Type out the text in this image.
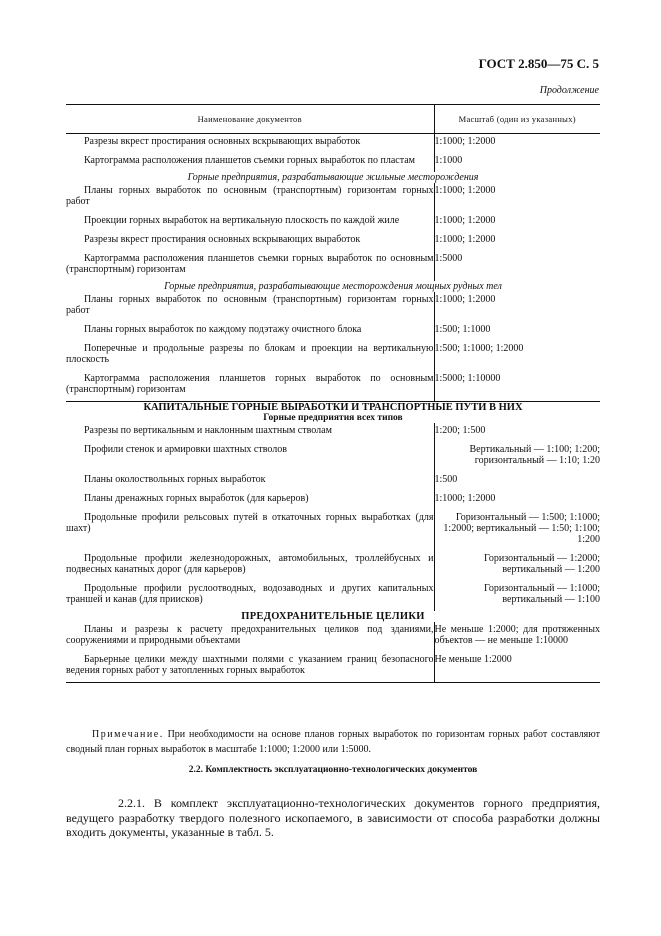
ГОСТ 2.850—75 С. 5
Продолжение
Наименование документов	Масштаб (один из указанных)
Разрезы вкрест простирания основных вскрывающих выработок	1:1000; 1:2000
Картограмма расположения планшетов съемки горных выработок по пластам	1:1000
Горные предприятия, разрабатывающие жильные месторождения	
Планы горных выработок по основным (транспортным) горизонтам горных работ	1:1000; 1:2000
Проекции горных выработок на вертикальную плоскость по каждой жиле	1:1000; 1:2000
Разрезы вкрест простирания основных вскрывающих выработок	1:1000; 1:2000
Картограмма расположения планшетов съемки горных выработок по основным (транспортным) горизонтам	1:5000
Горные предприятия, разрабатывающие месторождения мощных рудных тел	
Планы горных выработок по основным (транспортным) горизонтам горных работ	1:1000; 1:2000
Планы горных выработок по каждому подэтажу очистного блока	1:500; 1:1000
Поперечные и продольные разрезы по блокам и проекции на вертикальную плоскость	1:500; 1:1000; 1:2000
Картограмма расположения планшетов горных выработок по основным (транспортным) горизонтам	1:5000; 1:10000
КАПИТАЛЬНЫЕ ГОРНЫЕ ВЫРАБОТКИ И ТРАНСПОРТНЫЕ ПУТИ В НИХ	
Горные предприятия всех типов	
Разрезы по вертикальным и наклонным шахтным стволам	1:200; 1:500
Профили стенок и армировки шахтных стволов	Вертикальный — 1:100; 1:200; горизонтальный — 1:10; 1:20
Планы околоствольных горных выработок	1:500
Планы дренажных горных выработок (для карьеров)	1:1000; 1:2000
Продольные профили рельсовых путей в откаточных горных выработках (для шахт)	Горизонтальный — 1:500; 1:1000; 1:2000; вертикальный — 1:50; 1:100; 1:200
Продольные профили железнодорожных, автомобильных, троллейбусных и подвесных канатных дорог (для карьеров)	Горизонтальный — 1:2000; вертикальный — 1:200
Продольные профили руслоотводных, водозаводных и других капитальных траншей и канав (для приисков)	Горизонтальный — 1:1000; вертикальный — 1:100
ПРЕДОХРАНИТЕЛЬНЫЕ ЦЕЛИКИ	
Планы и разрезы к расчету предохранительных целиков под зданиями, сооружениями и природными объектами	Не меньше 1:2000; для протяженных объектов — не меньше 1:10000
Барьерные целики между шахтными полями с указанием границ безопасного ведения горных работ у затопленных горных выработок	Не меньше 1:2000
Примечание. При необходимости на основе планов горных выработок по горизонтам горных работ составляют сводный план горных выработок в масштабе 1:1000; 1:2000 или 1:5000.
2.2. Комплектность эксплуатационно-технологических документов
2.2.1. В комплект эксплуатационно-технологических документов горного предприятия, ведущего разработку твердого полезного ископаемого, в зависимости от способа разработки должны входить документы, указанные в табл. 5.
